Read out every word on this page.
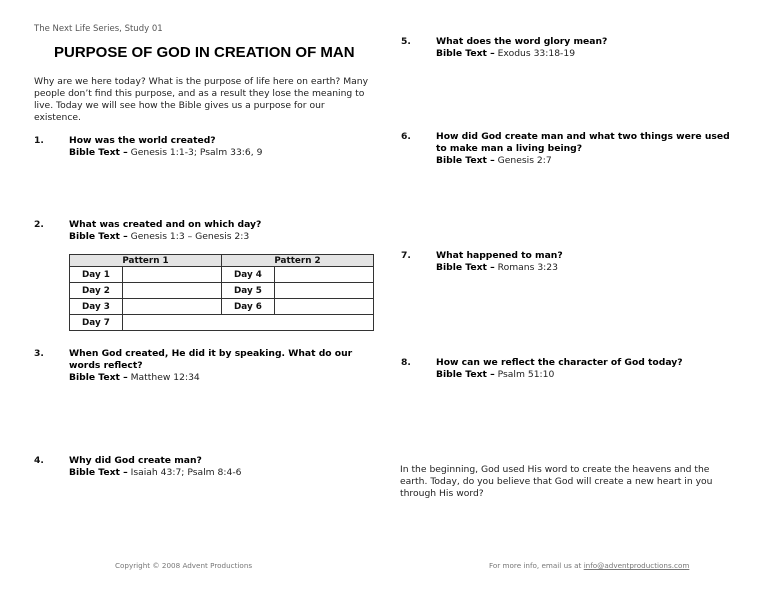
The Next Life Series, Study 01
PURPOSE OF GOD IN CREATION OF MAN
Why are we here today? What is the purpose of life here on earth? Many people don’t find this purpose, and as a result they lose the meaning to live. Today we will see how the Bible gives us a purpose for our existence.
1.	How was the world created?
Bible Text – Genesis 1:1-3; Psalm 33:6, 9
2.	What was created and on which day?
Bible Text – Genesis 1:3 – Genesis 2:3
Pattern 1		Pattern 2	
Day 1		Day 4	
Day 2		Day 5	
Day 3		Day 6	
Day 7			
3.	When God created, He did it by speaking. What do our words reflect?
Bible Text – Matthew 12:34
4.	Why did God create man?
Bible Text – Isaiah 43:7; Psalm 8:4-6
5.	What does the word glory mean?
Bible Text – Exodus 33:18-19
6.	How did God create man and what two things were used to make man a living being?
Bible Text – Genesis 2:7
7.	What happened to man?
Bible Text – Romans 3:23
8.	How can we reflect the character of God today?
Bible Text – Psalm 51:10
In the beginning, God used His word to create the heavens and the earth. Today, do you believe that God will create a new heart in you through His word?
Copyright © 2008 Advent Productions	For more info, email us at info@adventproductions.com
